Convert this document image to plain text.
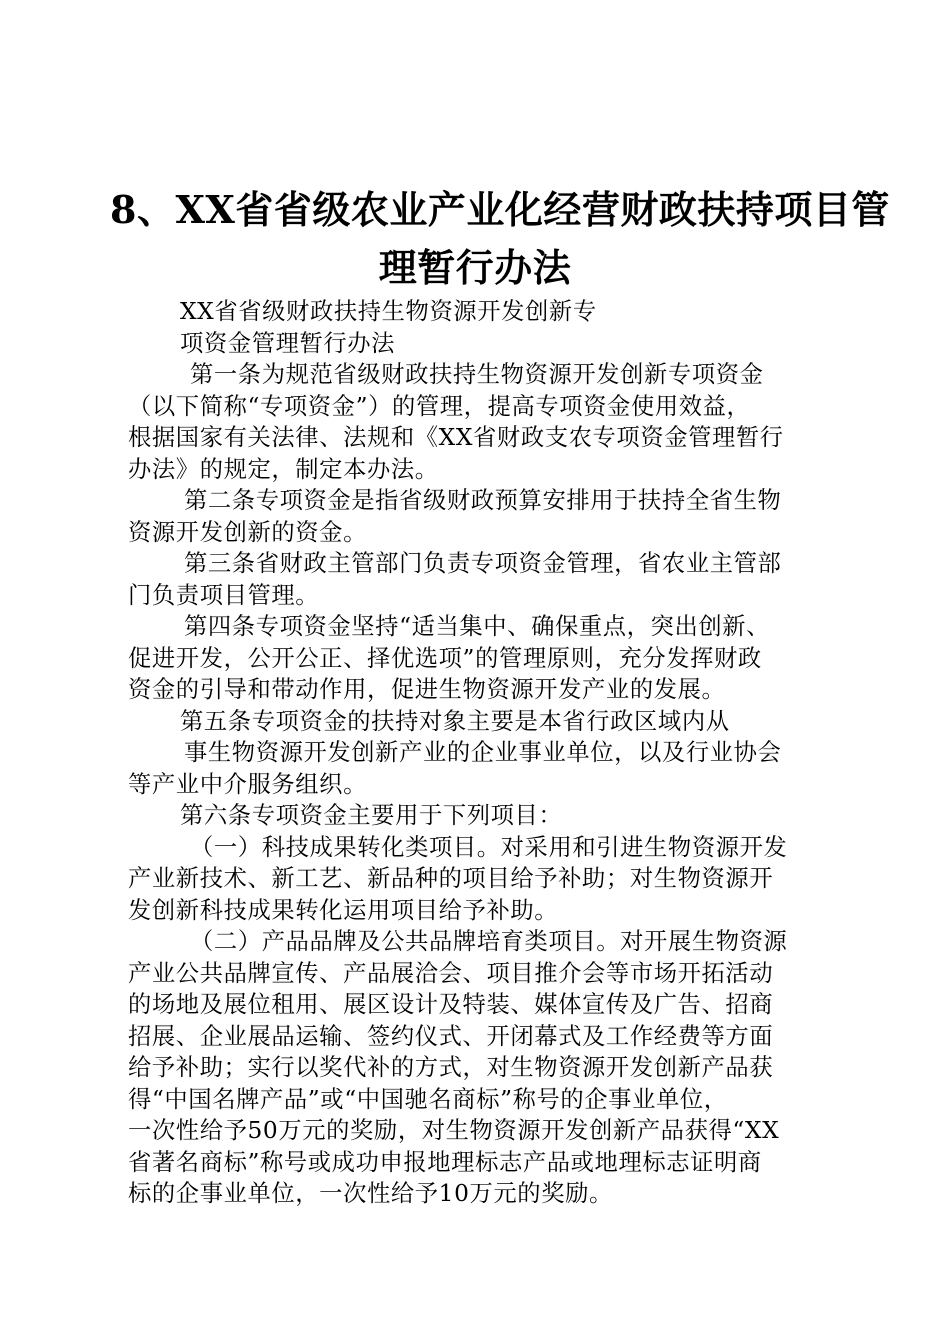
8、XX省省级农业产业化经营财政扶持项目管
理暂行办法
XX省省级财政扶持生物资源开发创新专
项资金管理暂行办法
第一条为规范省级财政扶持生物资源开发创新专项资金
（以下简称“专项资金”）的管理，提高专项资金使用效益，
根据国家有关法律、法规和《XX省财政支农专项资金管理暂行
办法》的规定，制定本办法。
第二条专项资金是指省级财政预算安排用于扶持全省生物
资源开发创新的资金。
第三条省财政主管部门负责专项资金管理，省农业主管部
门负责项目管理。
第四条专项资金坚持“适当集中、确保重点，突出创新、
促进开发，公开公正、择优选项”的管理原则，充分发挥财政
资金的引导和带动作用，促进生物资源开发产业的发展。
第五条专项资金的扶持对象主要是本省行政区域内从
事生物资源开发创新产业的企业事业单位，以及行业协会
等产业中介服务组织。
第六条专项资金主要用于下列项目：
（一）科技成果转化类项目。对采用和引进生物资源开发
产业新技术、新工艺、新品种的项目给予补助；对生物资源开
发创新科技成果转化运用项目给予补助。
（二）产品品牌及公共品牌培育类项目。对开展生物资源
产业公共品牌宣传、产品展洽会、项目推介会等市场开拓活动
的场地及展位租用、展区设计及特装、媒体宣传及广告、招商
招展、企业展品运输、签约仪式、开闭幕式及工作经费等方面
给予补助；实行以奖代补的方式，对生物资源开发创新产品获
得“中国名牌产品”或“中国驰名商标”称号的企事业单位，
一次性给予50万元的奖励，对生物资源开发创新产品获得“XX
省著名商标”称号或成功申报地理标志产品或地理标志证明商
标的企事业单位，一次性给予10万元的奖励。
